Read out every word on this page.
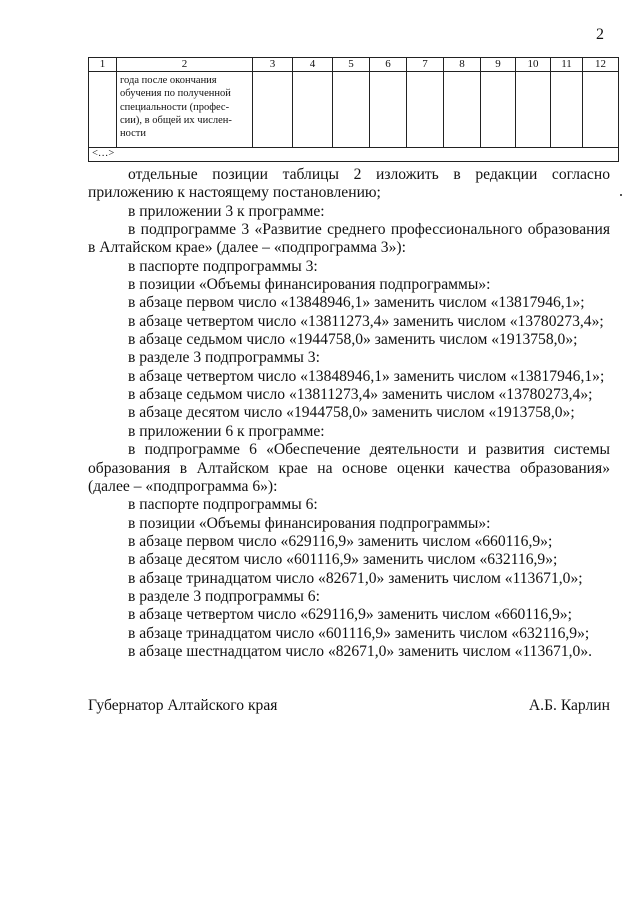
2
1	2	3	4	5	6	7	8	9	10	11	12

	года после окончания
обучения по полученной
специальности (профес-
сии), в общей их числен-
ности										

<…>											
отдельные позиции таблицы 2 изложить в редакции согласно
приложению к настоящему постановлению;
в приложении 3 к программе:
в подпрограмме 3 «Развитие среднего профессионального образования
в Алтайском крае» (далее – «подпрограмма 3»):
в паспорте подпрограммы 3:
в позиции «Объемы финансирования подпрограммы»:
в абзаце первом число «13848946,1» заменить числом «13817946,1»;
в абзаце четвертом число «13811273,4» заменить числом «13780273,4»;
в абзаце седьмом число «1944758,0» заменить числом «1913758,0»;
в разделе 3 подпрограммы 3:
в абзаце четвертом число «13848946,1» заменить числом «13817946,1»;
в абзаце седьмом число «13811273,4» заменить числом «13780273,4»;
в абзаце десятом число «1944758,0» заменить числом «1913758,0»;
в приложении 6 к программе:
в подпрограмме 6 «Обеспечение деятельности и развития системы
образования в Алтайском крае на основе оценки качества образования»
(далее – «подпрограмма 6»):
в паспорте подпрограммы 6:
в позиции «Объемы финансирования подпрограммы»:
в абзаце первом число «629116,9» заменить числом «660116,9»;
в абзаце десятом число «601116,9» заменить числом «632116,9»;
в абзаце тринадцатом число «82671,0» заменить числом «113671,0»;
в разделе 3 подпрограммы 6:
в абзаце четвертом число «629116,9» заменить числом «660116,9»;
в абзаце тринадцатом число «601116,9» заменить числом «632116,9»;
в абзаце шестнадцатом число «82671,0» заменить числом «113671,0».
Губернатор Алтайского края	А.Б. Карлин
